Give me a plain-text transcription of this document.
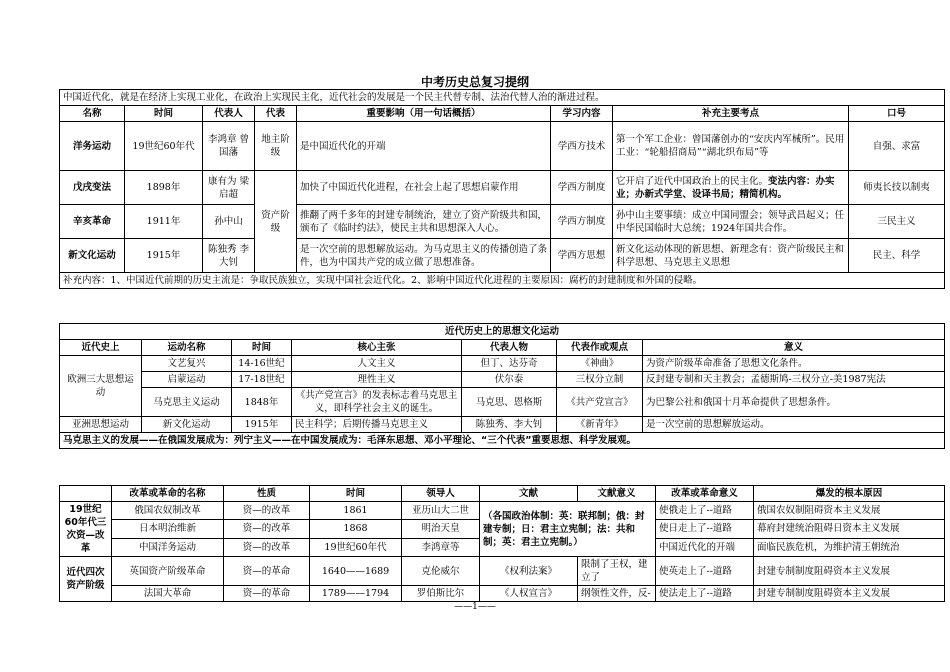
中考历史总复习提纲
中国近代化，就是在经济上实现工业化，在政治上实现民主化，近代社会的发展是一个民主代替专制、法治代替人治的渐进过程。							
名称	时间	代表人	代表	重要影响（用一句话概括）	学习内容	补充主要考点	口号
洋务运动	19世纪60年代	李鸿章 曾国藩	地主阶级	是中国近代化的开端	学西方技术	第一个军工企业：曾国藩创办的“安庆内军械所”。民用工业：“轮船招商局”“湖北织布局”等	自强、求富
戊戌变法	1898年	康有为 梁启超	资产阶级	加快了中国近代化进程，在社会上起了思想启蒙作用	学西方制度	它开启了近代中国政治上的民主化。变法内容：办实业；办新式学堂、设译书局；精简机构。	师夷长技以制夷
辛亥革命	1911年	孙中山		推翻了两千多年的封建专制统治，建立了资产阶级共和国，颁布了《临时约法》，使民主共和思想深入人心。	学西方制度	孙中山主要事绩：成立中国同盟会；领导武昌起义；任中华民国临时大总统；1924年国共合作。	三民主义
新文化运动	1915年	陈独秀 李大钊		是一次空前的思想解放运动。为马克思主义的传播创造了条件，也为中国共产党的成立做了思想准备。	学西方思想	新文化运动体现的新思想、新理念有：资产阶级民主和科学思想、马克思主义思想	民主、科学
补充内容：1、中国近代前期的历史主流是：争取民族独立，实现中国社会近代化。2、影响中国近代化进程的主要原因：腐朽的封建制度和外国的侵略。							
近代历史上的思想文化运动						
近代史上	运动名称	时间	核心主张	代表人物	代表作或观点	意义
欧洲三大思想运动	文艺复兴	14-16世纪	人文主义	但丁、达芬奇	《神曲》	为资产阶级革命准备了思想文化条件。
	启蒙运动	17-18世纪	理性主义	伏尔泰	三权分立制	反封建专制和天主教会；孟德斯鸠-三权分立-美1987宪法
	马克思主义运动	1848年	《共产党宣言》的发表标志着马克思主义，即科学社会主义的诞生。	马克思、恩格斯	《共产党宣言》	为巴黎公社和俄国十月革命提供了思想条件。
亚洲思想运动	新文化运动	1915年	民主科学；后期传播马克思主义	陈独秀、李大钊	《新青年》	是一次空前的思想解放运动。
马克思主义的发展——在俄国发展成为：列宁主义——在中国发展成为：毛泽东思想、邓小平理论、“三个代表”重要思想、科学发展观。						
	改革或革命的名称	性质	时间	领导人	文献	文献意义	改革或革命意义	爆发的根本原因
19世纪60年代三次资—改革	俄国农奴制改革	资—的改革	1861	亚历山大二世	（各国政治体制：英：联邦制；俄：封建专制；日：君主立宪制；法：共和制；英：君主立宪制。）		使俄走上了--道路	俄国农奴制阻碍资本主义发展
	日本明治维新	资—的改革	1868	明治天皇			使日走上了--道路	幕府封建统治阻碍日资本主义发展
	中国洋务运动	资—的改革	19世纪60年代	李鸿章等			中国近代化的开端	面临民族危机，为维护清王朝统治
近代四次资产阶级	英国资产阶级革命	资—的革命	1640——1689	克伦威尔	《权利法案》	限制了王权，建立了	使英走上了--道路	封建专制制度阻碍资本主义发展
	法国大革命	资—的革命	1789——1794	罗伯斯比尔	《人权宣言》	纲领性文件，反-	使法走上了--道路	封建专制制度阻碍资本主义发展
——1——
